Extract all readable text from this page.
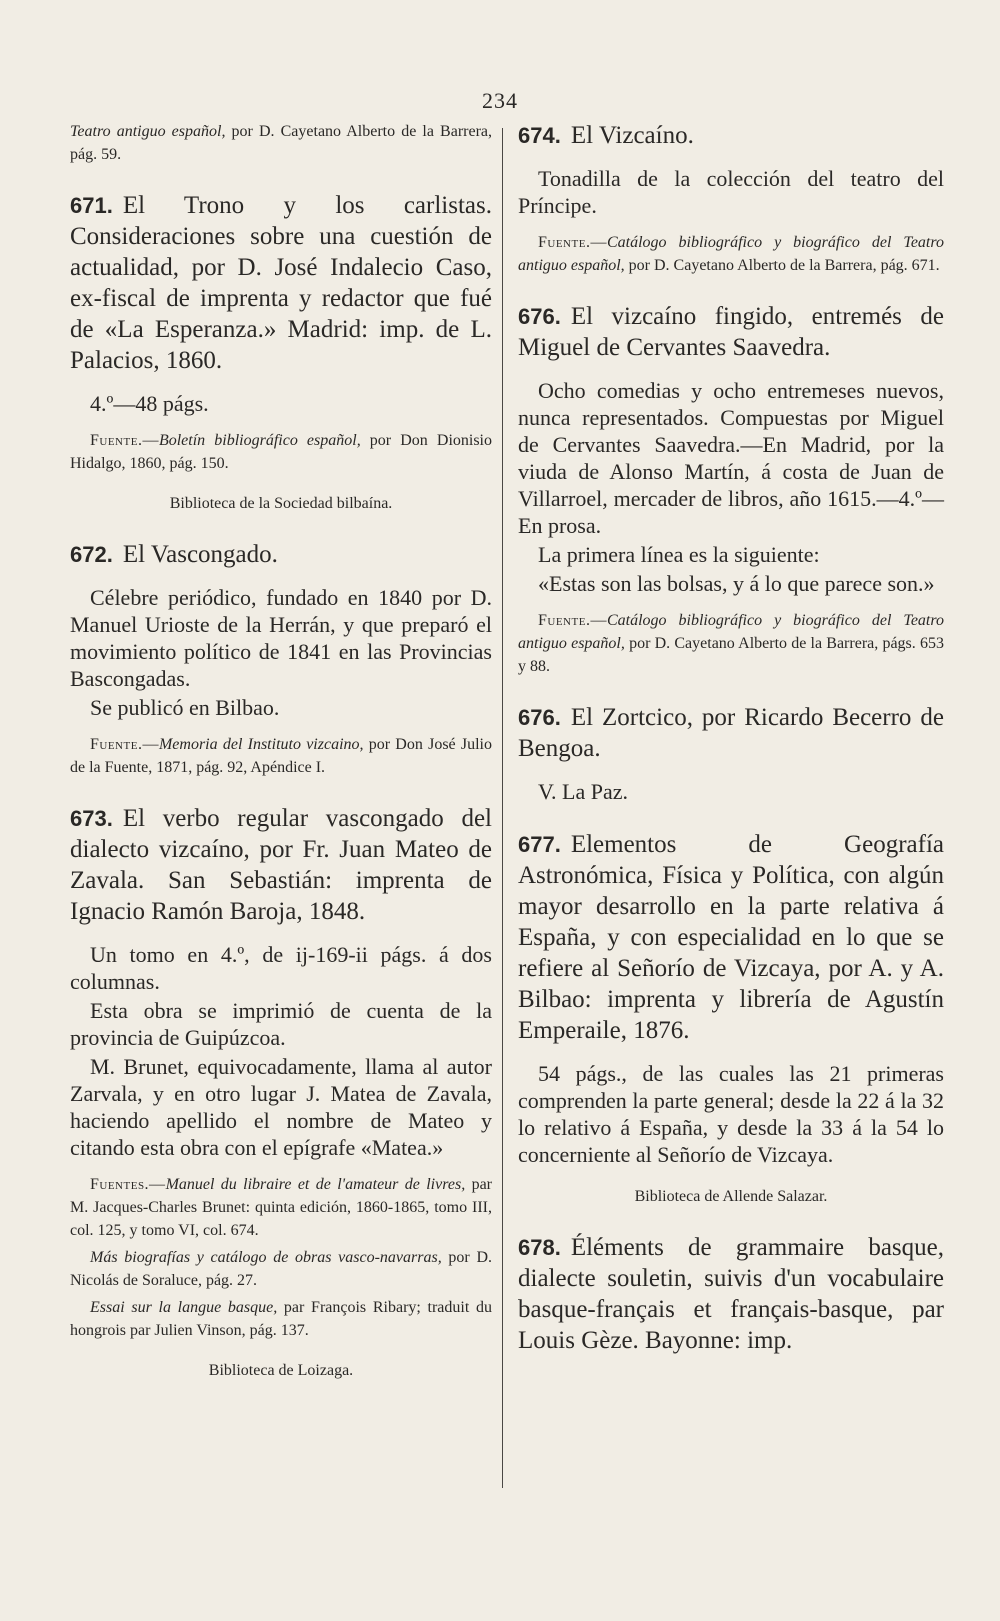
234

Teatro antiguo español, por D. Cayetano Alberto de la Barrera, pág. 59.

671. El Trono y los carlistas. Consideraciones sobre una cuestión de actualidad, por D. José Indalecio Caso, ex-fiscal de imprenta y redactor que fué de «La Esperanza.» Madrid: imp. de L. Palacios, 1860.

4.º—48 págs.

Fuente.—Boletín bibliográfico español, por Don Dionisio Hidalgo, 1860, pág. 150.

Biblioteca de la Sociedad bilbaína.

672. El Vascongado.

Célebre periódico, fundado en 1840 por D. Manuel Urioste de la Herrán, y que preparó el movimiento político de 1841 en las Provincias Bascongadas.

Se publicó en Bilbao.

Fuente.—Memoria del Instituto vizcaino, por Don José Julio de la Fuente, 1871, pág. 92, Apéndice I.

673. El verbo regular vascongado del dialecto vizcaíno, por Fr. Juan Mateo de Zavala. San Sebastián: imprenta de Ignacio Ramón Baroja, 1848.

Un tomo en 4.º, de ij-169-ii págs. á dos columnas.

Esta obra se imprimió de cuenta de la provincia de Guipúzcoa.

M. Brunet, equivocadamente, llama al autor Zarvala, y en otro lugar J. Matea de Zavala, haciendo apellido el nombre de Mateo y citando esta obra con el epígrafe «Matea.»

Fuentes.—Manuel du libraire et de l'amateur de livres, par M. Jacques-Charles Brunet: quinta edición, 1860-1865, tomo III, col. 125, y tomo VI, col. 674.

Más biografías y catálogo de obras vasco-navarras, por D. Nicolás de Soraluce, pág. 27.

Essai sur la langue basque, par François Ribary; traduit du hongrois par Julien Vinson, pág. 137.

Biblioteca de Loizaga.

674. El Vizcaíno.

Tonadilla de la colección del teatro del Príncipe.

Fuente.—Catálogo bibliográfico y biográfico del Teatro antiguo español, por D. Cayetano Alberto de la Barrera, pág. 671.

676. El vizcaíno fingido, entremés de Miguel de Cervantes Saavedra.

Ocho comedias y ocho entremeses nuevos, nunca representados. Compuestas por Miguel de Cervantes Saavedra.—En Madrid, por la viuda de Alonso Martín, á costa de Juan de Villarroel, mercader de libros, año 1615.—4.º—En prosa.

La primera línea es la siguiente:

«Estas son las bolsas, y á lo que parece son.»

Fuente.—Catálogo bibliográfico y biográfico del Teatro antiguo español, por D. Cayetano Alberto de la Barrera, págs. 653 y 88.

676. El Zortcico, por Ricardo Becerro de Bengoa.

V. La Paz.

677. Elementos de Geografía Astronómica, Física y Política, con algún mayor desarrollo en la parte relativa á España, y con especialidad en lo que se refiere al Señorío de Vizcaya, por A. y A. Bilbao: imprenta y librería de Agustín Emperaile, 1876.

54 págs., de las cuales las 21 primeras comprenden la parte general; desde la 22 á la 32 lo relativo á España, y desde la 33 á la 54 lo concerniente al Señorío de Vizcaya.

Biblioteca de Allende Salazar.

678. Éléments de grammaire basque, dialecte souletin, suivis d'un vocabulaire basque-français et français-basque, par Louis Gèze. Bayonne: imp.
